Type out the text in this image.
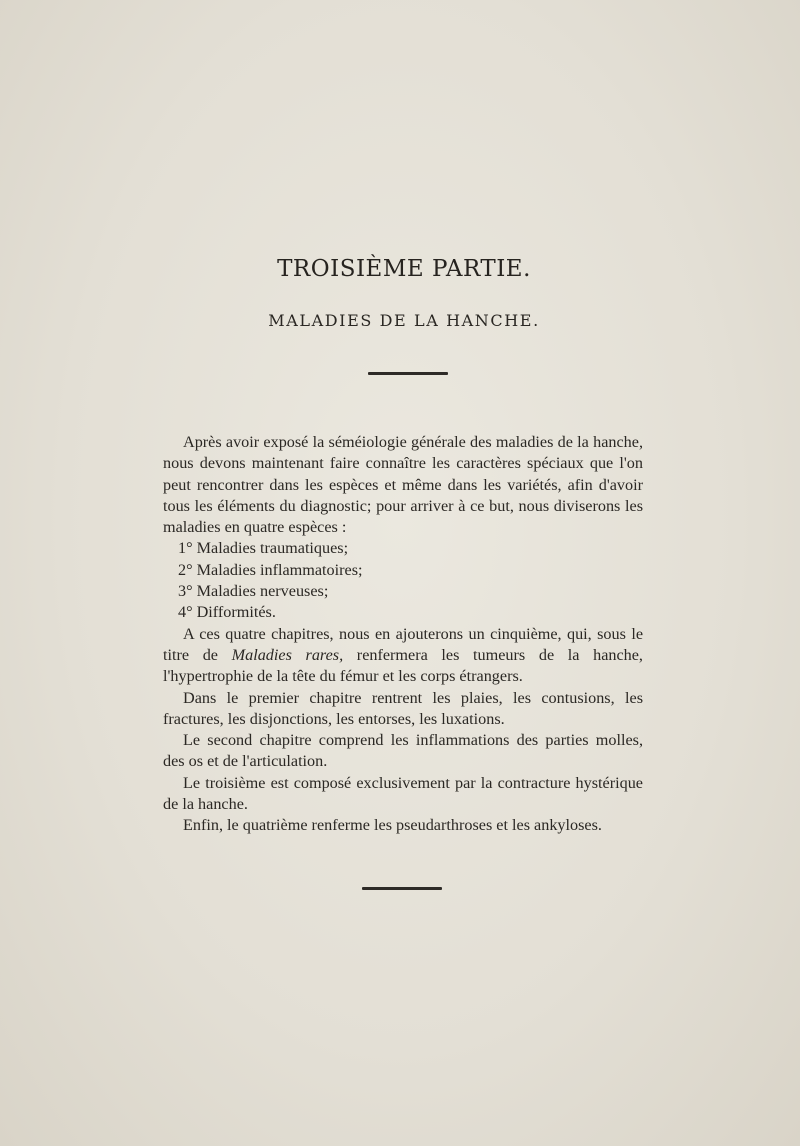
TROISIÈME PARTIE.
MALADIES DE LA HANCHE.

Après avoir exposé la séméiologie générale des maladies de la hanche, nous devons maintenant faire connaître les caractères spéciaux que l'on peut rencontrer dans les espèces et même dans les variétés, afin d'avoir tous les éléments du diagnostic; pour arriver à ce but, nous diviserons les maladies en quatre espèces :

1° Maladies traumatiques;

2° Maladies inflammatoires;

3° Maladies nerveuses;

4° Difformités.

A ces quatre chapitres, nous en ajouterons un cinquième, qui, sous le titre de Maladies rares, renfermera les tumeurs de la hanche, l'hypertrophie de la tête du fémur et les corps étrangers.

Dans le premier chapitre rentrent les plaies, les contusions, les fractures, les disjonctions, les entorses, les luxations.

Le second chapitre comprend les inflammations des parties molles, des os et de l'articulation.

Le troisième est composé exclusivement par la contracture hystérique de la hanche.

Enfin, le quatrième renferme les pseudarthroses et les ankyloses.
